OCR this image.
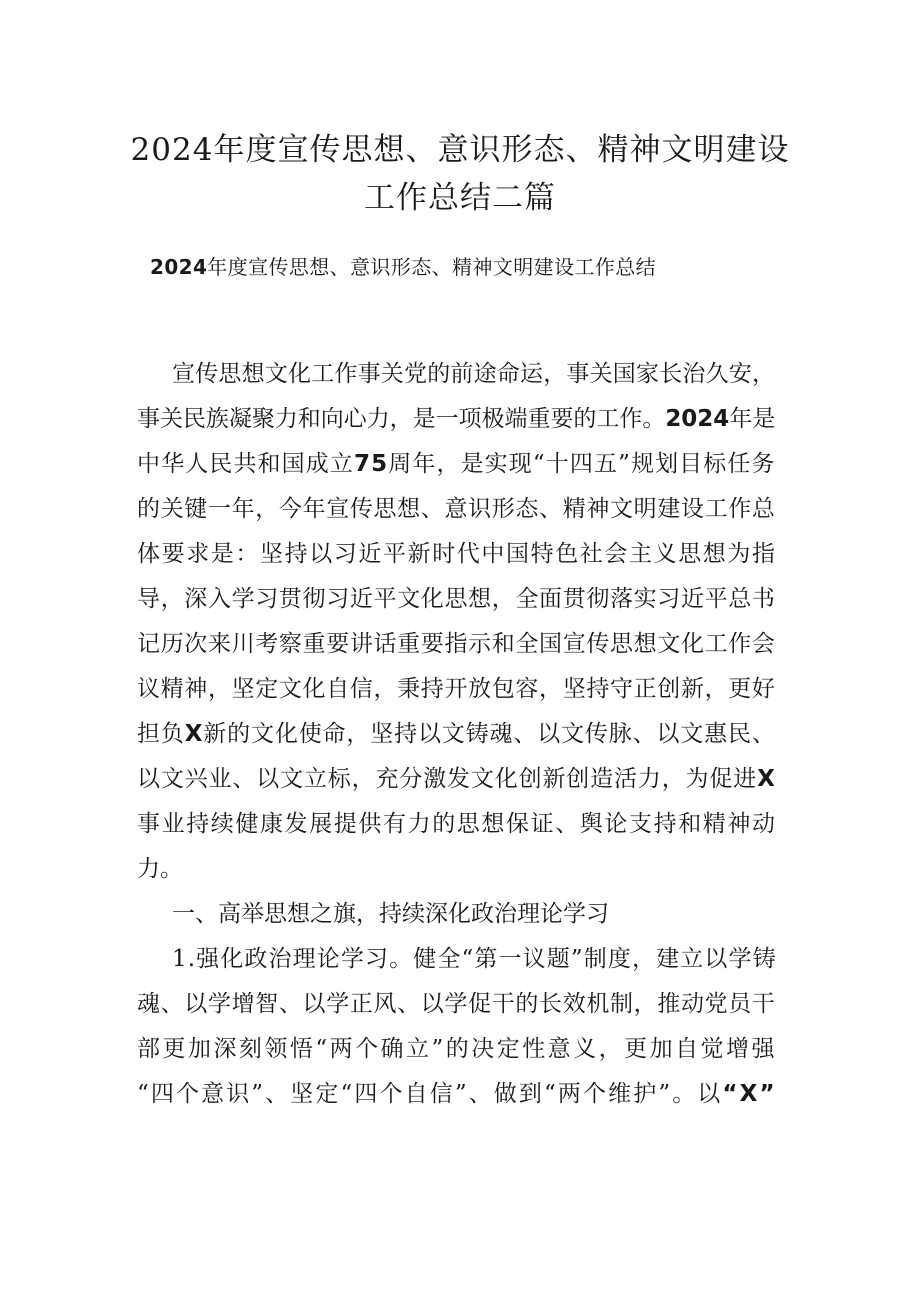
2024年度宣传思想、意识形态、精神文明建设
工作总结二篇
2024年度宣传思想、意识形态、精神文明建设工作总结
宣传思想文化工作事关党的前途命运，事关国家长治久安，
事关民族凝聚力和向心力，是一项极端重要的工作。2024年是
中华人民共和国成立75周年，是实现“十四五”规划目标任务
的关键一年，今年宣传思想、意识形态、精神文明建设工作总
体要求是：坚持以习近平新时代中国特色社会主义思想为指
导，深入学习贯彻习近平文化思想，全面贯彻落实习近平总书
记历次来川考察重要讲话重要指示和全国宣传思想文化工作会
议精神，坚定文化自信，秉持开放包容，坚持守正创新，更好
担负X新的文化使命，坚持以文铸魂、以文传脉、以文惠民、
以文兴业、以文立标，充分激发文化创新创造活力，为促进X
事业持续健康发展提供有力的思想保证、舆论支持和精神动
力。
一、高举思想之旗，持续深化政治理论学习
1.强化政治理论学习。健全“第一议题”制度，建立以学铸
魂、以学增智、以学正风、以学促干的长效机制，推动党员干
部更加深刻领悟“两个确立”的决定性意义，更加自觉增强
“四个意识”、坚定“四个自信”、做到“两个维护”。以“X”
